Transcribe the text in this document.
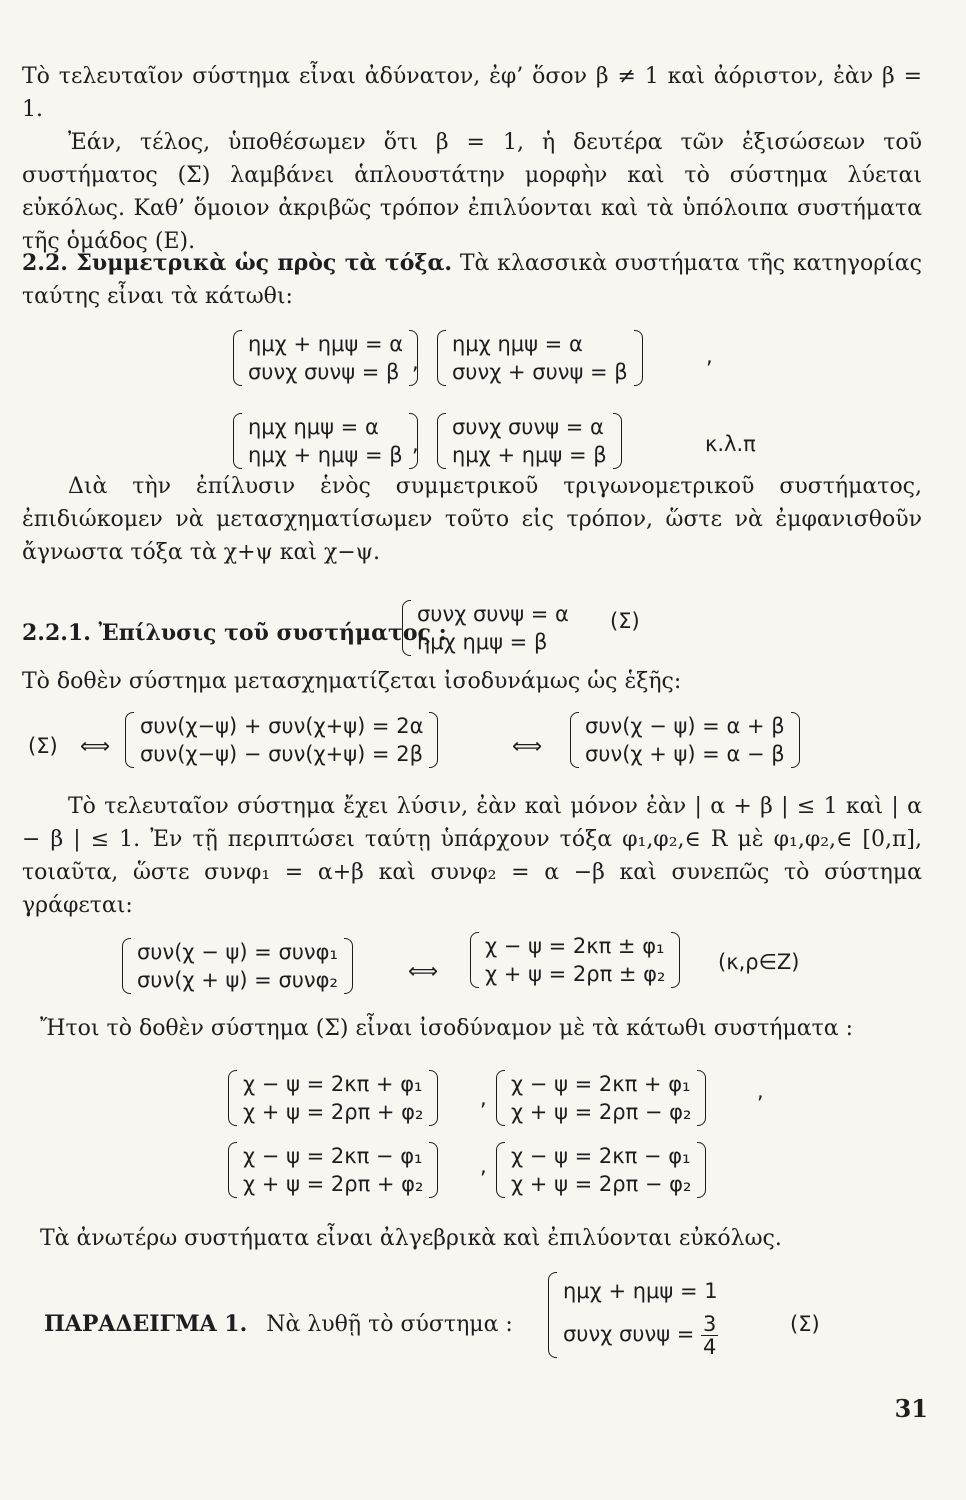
Τὸ τελευταῖον σύστημα εἶναι ἀδύνατον, ἐφ’ ὅσον β ≠ 1 καὶ ἀόριστον, ἐὰν β = 1.

Ἐάν, τέλος, ὑποθέσωμεν ὅτι β = 1, ἡ δευτέρα τῶν ἐξισώσεων τοῦ συστήματος (Σ) λαμβάνει ἁπλουστάτην μορφὴν καὶ τὸ σύστημα λύεται εὐκόλως. Καθ’ ὅμοιον ἀκριβῶς τρόπον ἐπιλύονται καὶ τὰ ὑπόλοιπα συστήματα τῆς ὁμάδος (Ε).

2.2. Συμμετρικὰ ὡς πρὸς τὰ τόξα. Τὰ κλασσικὰ συστήματα τῆς κατηγορίας ταύτης εἶναι τὰ κάτωθι:

ημχ + ημψ = α
συνχ συνψ = β ,
ημχ ημψ = α
συνχ + συνψ = β
,
ημχ ημψ = α
ημχ + ημψ = β ,
συνχ συνψ = α
ημχ + ημψ = β	κ.λ.π
Διὰ τὴν ἐπίλυσιν ἑνὸς συμμετρικοῦ τριγωνομετρικοῦ συστήματος, ἐπιδιώκομεν νὰ μετασχηματίσωμεν τοῦτο εἰς τρόπον, ὥστε νὰ ἐμφανισθοῦν ἄγνωστα τόξα τὰ χ+ψ καὶ χ−ψ.
2.2.1. Ἐπίλυσις τοῦ συστήματος :
συνχ συνψ = α
ημχ ημψ = β
(Σ)
Τὸ δοθὲν σύστημα μετασχηματίζεται ἰσοδυνάμως ὡς ἑξῆς:
(Σ) ⟺
συν(χ−ψ) + συν(χ+ψ) = 2α
συν(χ−ψ) − συν(χ+ψ) = 2β	⟺
συν(χ − ψ) = α + β
συν(χ + ψ) = α − β
Τὸ τελευταῖον σύστημα ἔχει λύσιν, ἐὰν καὶ μόνον ἐὰν | α + β | ≤ 1 καὶ | α − β | ≤ 1. Ἐν τῇ περιπτώσει ταύτῃ ὑπάρχουν τόξα φ₁,φ₂,∈ R μὲ φ₁,φ₂,∈ [0,π], τοιαῦτα, ὥστε συνφ₁ = α+β καὶ συνφ₂ = α −β καὶ συνεπῶς τὸ σύστημα γράφεται:
συν(χ − ψ) = συνφ₁
συν(χ + ψ) = συνφ₂	⟺
χ − ψ = 2κπ ± φ₁
χ + ψ = 2ρπ ± φ₂	(κ,ρ∈Z)
Ἤτοι τὸ δοθὲν σύστημα (Σ) εἶναι ἰσοδύναμον μὲ τὰ κάτωθι συστήματα :
χ − ψ = 2κπ + φ₁
χ + ψ = 2ρπ + φ₂
,
χ − ψ = 2κπ + φ₁
χ + ψ = 2ρπ − φ₂
,
χ − ψ = 2κπ − φ₁
χ + ψ = 2ρπ + φ₂
, χ − ψ = 2κπ − φ₁
χ + ψ = 2ρπ − φ₂
Τὰ ἀνωτέρω συστήματα εἶναι ἀλγεβρικὰ καὶ ἐπιλύονται εὐκόλως.
ΠΑΡΑΔΕΙΓΜΑ 1. Νὰ λυθῇ τὸ σύστημα :
ημχ + ημψ = 1
συνχ $\sigma\upsilon\nu\psi = \frac{3}{4}$	(Σ)
31
